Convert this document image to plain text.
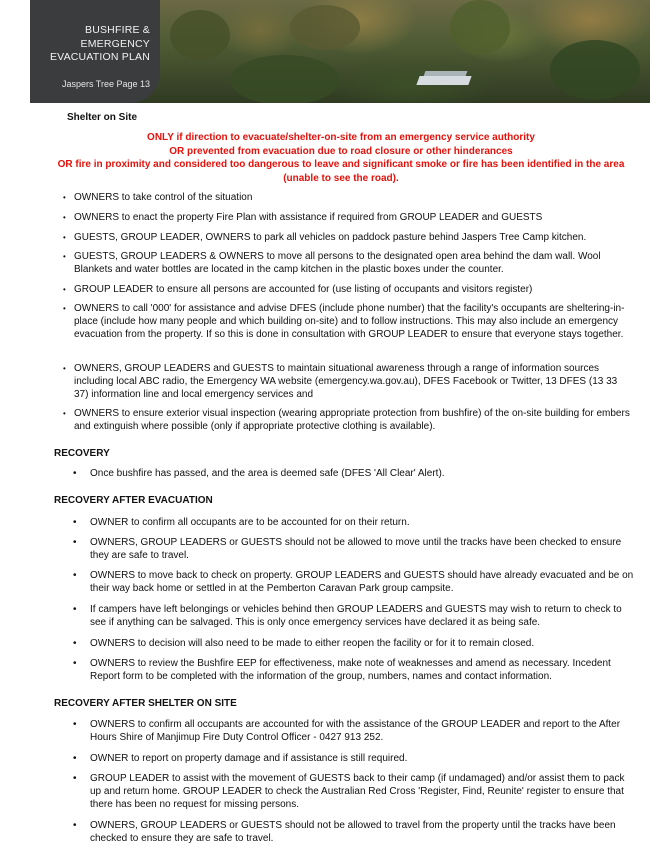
BUSHFIRE &
EMERGENCY
EVACUATION PLAN
Jaspers Tree Page 13
Shelter on Site
ONLY if direction to evacuate/shelter-on-site from an emergency service authority
OR prevented from evacuation due to road closure or other hinderances
OR fire in proximity and considered too dangerous to leave and significant smoke or fire has been identified in the area
(unable to see the road).
• OWNERS to take control of the situation
• OWNERS to enact the property Fire Plan with assistance if required from GROUP LEADER and GUESTS
• GUESTS, GROUP LEADER, OWNERS to park all vehicles on paddock pasture behind Jaspers Tree Camp kitchen.
• GUESTS, GROUP LEADERS & OWNERS to move all persons to the designated open area behind the dam wall. Wool Blankets and water bottles are located in the camp kitchen in the plastic boxes under the counter.
• GROUP LEADER to ensure all persons are accounted for (use listing of occupants and visitors register)
• OWNERS to call '000' for assistance and advise DFES (include phone number) that the facility's occupants are sheltering-in-place (include how many people and which building on-site) and to follow instructions. This may also include an emergency evacuation from the property. If so this is done in consultation with GROUP LEADER to ensure that everyone stays together.
• OWNERS, GROUP LEADERS and GUESTS to maintain situational awareness through a range of information sources including local ABC radio, the Emergency WA website (emergency.wa.gov.au), DFES Facebook or Twitter, 13 DFES (13 33 37) information line and local emergency services and
• OWNERS to ensure exterior visual inspection (wearing appropriate protection from bushfire) of the on-site building for embers and extinguish where possible (only if appropriate protective clothing is available).
RECOVERY
• Once bushfire has passed, and the area is deemed safe (DFES 'All Clear' Alert).
RECOVERY AFTER EVACUATION
• OWNER to confirm all occupants are to be accounted for on their return.
• OWNERS, GROUP LEADERS or GUESTS should not be allowed to move until the tracks have been checked to ensure they are safe to travel.
• OWNERS to move back to check on property. GROUP LEADERS and GUESTS should have already evacuated and be on their way back home or settled in at the Pemberton Caravan Park group campsite.
• If campers have left belongings or vehicles behind then GROUP LEADERS and GUESTS may wish to return to check to see if anything can be salvaged. This is only once emergency services have declared it as being safe.
• OWNERS to decision will also need to be made to either reopen the facility or for it to remain closed.
• OWNERS to review the Bushfire EEP for effectiveness, make note of weaknesses and amend as necessary. Incedent Report form to be completed with the information of the group, numbers, names and contact information.
RECOVERY AFTER SHELTER ON SITE
• OWNERS to confirm all occupants are accounted for with the assistance of the GROUP LEADER and report to the After Hours Shire of Manjimup Fire Duty Control Officer - 0427 913 252.
• OWNER to report on property damage and if assistance is still required.
• GROUP LEADER to assist with the movement of GUESTS back to their camp (if undamaged) and/or assist them to pack up and return home. GROUP LEADER to check the Australian Red Cross 'Register, Find, Reunite' register to ensure that there has been no request for missing persons.
• OWNERS, GROUP LEADERS or GUESTS should not be allowed to travel from the property until the tracks have been checked to ensure they are safe to travel.
